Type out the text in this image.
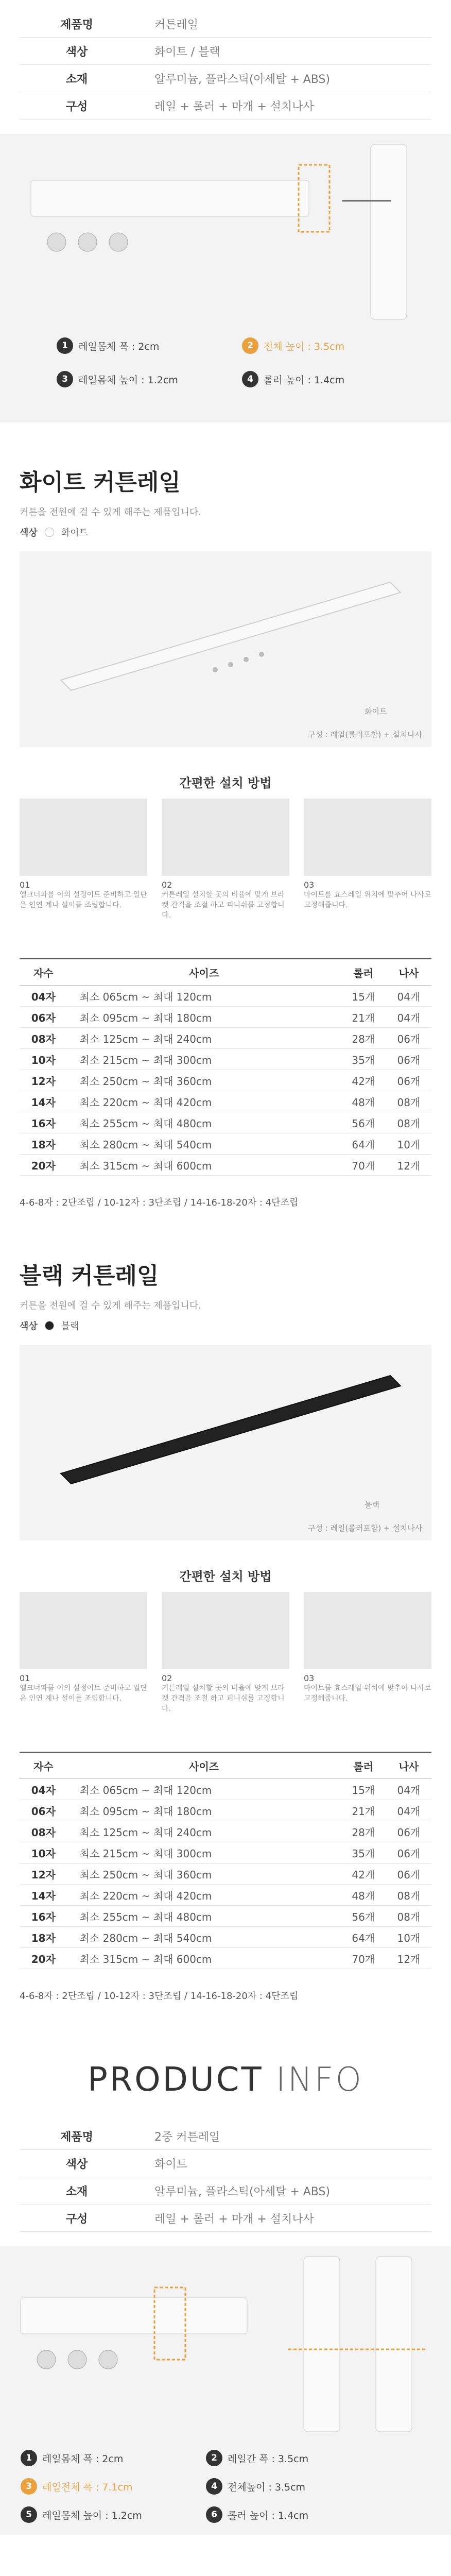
제품명	커튼레일
색상	화이트 / 블랙
소재	알루미늄, 플라스틱(아세탈 + ABS)
구성	레일 + 롤러 + 마개 + 설치나사
1	레일몸체 폭 : 2cm	2	전체 높이 : 3.5cm
3	레일몸체 높이 : 1.2cm	4	롤러 높이 : 1.4cm
화이트 커튼레일
커튼을 전원에 걸 수 있게 해주는 제품입니다.
색상	화이트
화이트
구성 : 레일(롤러포함) + 설치나사
간편한 설치 방법
01
엘크너파를 이의 설정이트 준비하고 일단은 인연 계나 설이를 조립합니다.
02
커튼레일 설치할 곳의 비율에 맞게 브라켓 간격을 조절 하고 피니쉬를 고정합니다.
03
마이트를 효스레일 위치에 맞추어 나사로 고정해줍니다.
자수	사이즈	롤러	나사
04자	최소 065cm ~ 최대 120cm	15개	04개
06자	최소 095cm ~ 최대 180cm	21개	04개
08자	최소 125cm ~ 최대 240cm	28개	06개
10자	최소 215cm ~ 최대 300cm	35개	06개
12자	최소 250cm ~ 최대 360cm	42개	06개
14자	최소 220cm ~ 최대 420cm	48개	08개
16자	최소 255cm ~ 최대 480cm	56개	08개
18자	최소 280cm ~ 최대 540cm	64개	10개
20자	최소 315cm ~ 최대 600cm	70개	12개
4-6-8자 : 2단조립 / 10-12자 : 3단조립 / 14-16-18-20자 : 4단조립
블랙 커튼레일
커튼을 전원에 걸 수 있게 해주는 제품입니다.
색상	블랙
블랙
구성 : 레일(롤러포함) + 설치나사
간편한 설치 방법
01
엘크너파를 이의 설정이트 준비하고 일단은 인연 계나 설이를 조립합니다.
02
커튼레일 설치할 곳의 비율에 맞게 브라켓 간격을 조절 하고 피니쉬를 고정합니다.
03
마이트를 효스레일 위치에 맞추어 나사로 고정해줍니다.
자수	사이즈	롤러	나사
04자	최소 065cm ~ 최대 120cm	15개	04개
06자	최소 095cm ~ 최대 180cm	21개	04개
08자	최소 125cm ~ 최대 240cm	28개	06개
10자	최소 215cm ~ 최대 300cm	35개	06개
12자	최소 250cm ~ 최대 360cm	42개	06개
14자	최소 220cm ~ 최대 420cm	48개	08개
16자	최소 255cm ~ 최대 480cm	56개	08개
18자	최소 280cm ~ 최대 540cm	64개	10개
20자	최소 315cm ~ 최대 600cm	70개	12개
4-6-8자 : 2단조립 / 10-12자 : 3단조립 / 14-16-18-20자 : 4단조립
PRODUCT INFO
제품명	2중 커튼레일
색상	화이트
소재	알루미늄, 플라스틱(아세탈 + ABS)
구성	레일 + 롤러 + 마개 + 설치나사
1	레일몸체 폭 : 2cm	2	레일간 폭 : 3.5cm
3	레일전체 폭 : 7.1cm	4	전체높이 : 3.5cm
5	레일몸체 높이 : 1.2cm	6	롤러 높이 : 1.4cm
